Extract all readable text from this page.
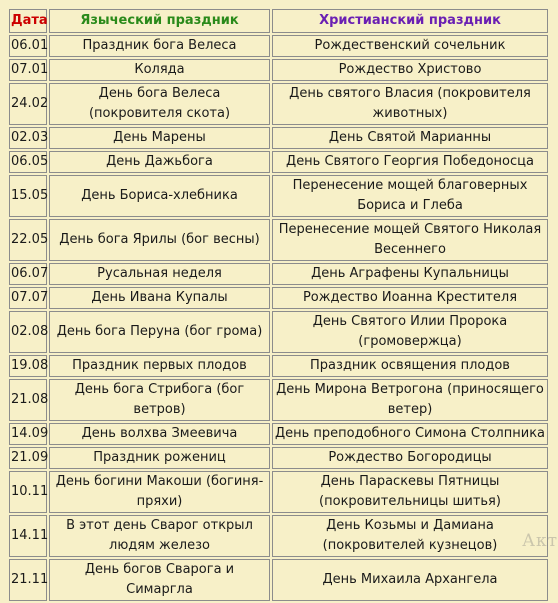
Дата	Языческий праздник	Христианский праздник
06.01	Праздник бога Велеса	Рождественский сочельник
07.01	Коляда	Рождество Христово
24.02	День бога Велеса (покровителя скота)	День святого Власия (покровителя животных)
02.03	День Марены	День Святой Марианны
06.05	День Дажьбога	День Святого Георгия Победоносца
15.05	День Бориса-хлебника	Перенесение мощей благоверных Бориса и Глеба
22.05	День бога Ярилы (бог весны)	Перенесение мощей Святого Николая Весеннего
06.07	Русальная неделя	День Аграфены Купальницы
07.07	День Ивана Купалы	Рождество Иоанна Крестителя
02.08	День бога Перуна (бог грома)	День Святого Илии Пророка (громовержца)
19.08	Праздник первых плодов	Праздник освящения плодов
21.08	День бога Стрибога (бог ветров)	День Мирона Ветрогона (приносящего ветер)
14.09	День волхва Змеевича	День преподобного Симона Столпника
21.09	Праздник рожениц	Рождество Богородицы
10.11	День богини Макоши (богиня-пряхи)	День Параскевы Пятницы (покровительницы шитья)
14.11	В этот день Сварог открыл людям железо	День Козьмы и Дамиана (покровителей кузнецов)
21.11	День богов Сварога и Симаргла	День Михаила Архангела
Акт
